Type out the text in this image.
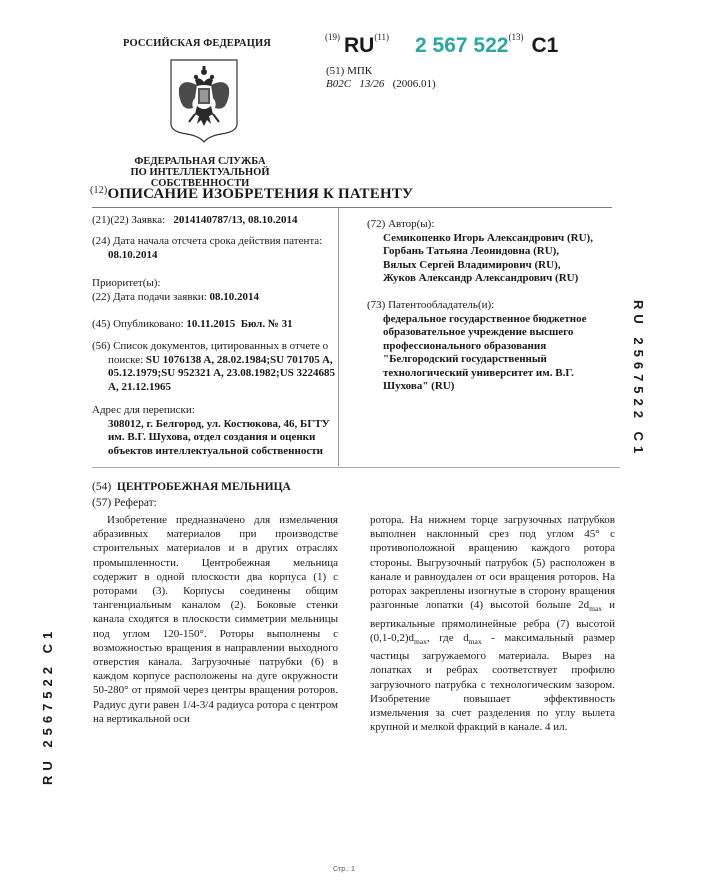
РОССИЙСКАЯ ФЕДЕРАЦИЯ
ФЕДЕРАЛЬНАЯ СЛУЖБА
ПО ИНТЕЛЛЕКТУАЛЬНОЙ СОБСТВЕННОСТИ
$^{(19)}$ RU$^{(11)}$ 2 567 522$^{(13)}$ C1
(51) МПК
B02C 13/26 (2006.01)
$^{(12)}$ОПИСАНИЕ ИЗОБРЕТЕНИЯ К ПАТЕНТУ
(21)(22) Заявка: 2014140787/13, 08.10.2014
(24) Дата начала отсчета срока действия патента:
08.10.2014
Приоритет(ы):
(22) Дата подачи заявки: 08.10.2014
(45) Опубликовано: 10.11.2015 Бюл. № 31
(56) Список документов, цитированных в отчете о поиске: SU 1076138 A, 28.02.1984;SU 701705 A, 05.12.1979;SU 952321 A, 23.08.1982;US 3224685 A, 21.12.1965
Адрес для переписки:
308012, г. Белгород, ул. Костюкова, 46, БГТУ им. В.Г. Шухова, отдел создания и оценки объектов интеллектуальной собственности
(72) Автор(ы):
Семикопенко Игорь Александрович (RU),
Горбань Татьяна Леонидовна (RU),
Вялых Сергей Владимирович (RU),
Жуков Александр Александрович (RU)
(73) Патентообладатель(и):
федеральное государственное бюджетное образовательное учреждение высшего профессионального образования "Белгородский государственный технологический университет им. В.Г. Шухова" (RU)	RU 2567522 C1
RU 2567522 C1
(54) ЦЕНТРОБЕЖНАЯ МЕЛЬНИЦА
(57) Реферат:

Изобретение предназначено для измельчения абразивных материалов при производстве строительных материалов и в других отраслях промышленности. Центробежная мельница содержит в одной плоскости два корпуса (1) с роторами (3). Корпусы соединены общим тангенциальным каналом (2). Боковые стенки канала сходятся в плоскости симметрии мельницы под углом 120-150°. Роторы выполнены с возможностью вращения в направлении выходного отверстия канала. Загрузочные патрубки (6) в каждом корпусе расположены на дуге окружности 50-280° от прямой через центры вращения роторов. Радиус дуги равен 1/4-3/4 радиуса ротора с центром на вертикальной оси

ротора. На нижнем торце загрузочных патрубков выполнен наклонный срез под углом 45° с противоположной вращению каждого ротора стороны. Выгрузочный патрубок (5) расположен в канале и равноудален от оси вращения роторов. На роторах закреплены изогнутые в сторону вращения разгонные лопатки (4) высотой больше $2d_{max}$ и вертикальные прямолинейные ребра (7) высотой $(0,1-0,2)d_{max}$, где $d_{max}$ - максимальный размер частицы загружаемого материала. Вырез на лопатках и ребрах соответствует профилю загрузочного патрубка с технологическим зазором. Изобретение повышает эффективность измельчения за счет разделения по углу вылета крупной и мелкой фракций в канале. 4 ил.

Стр.: 1
